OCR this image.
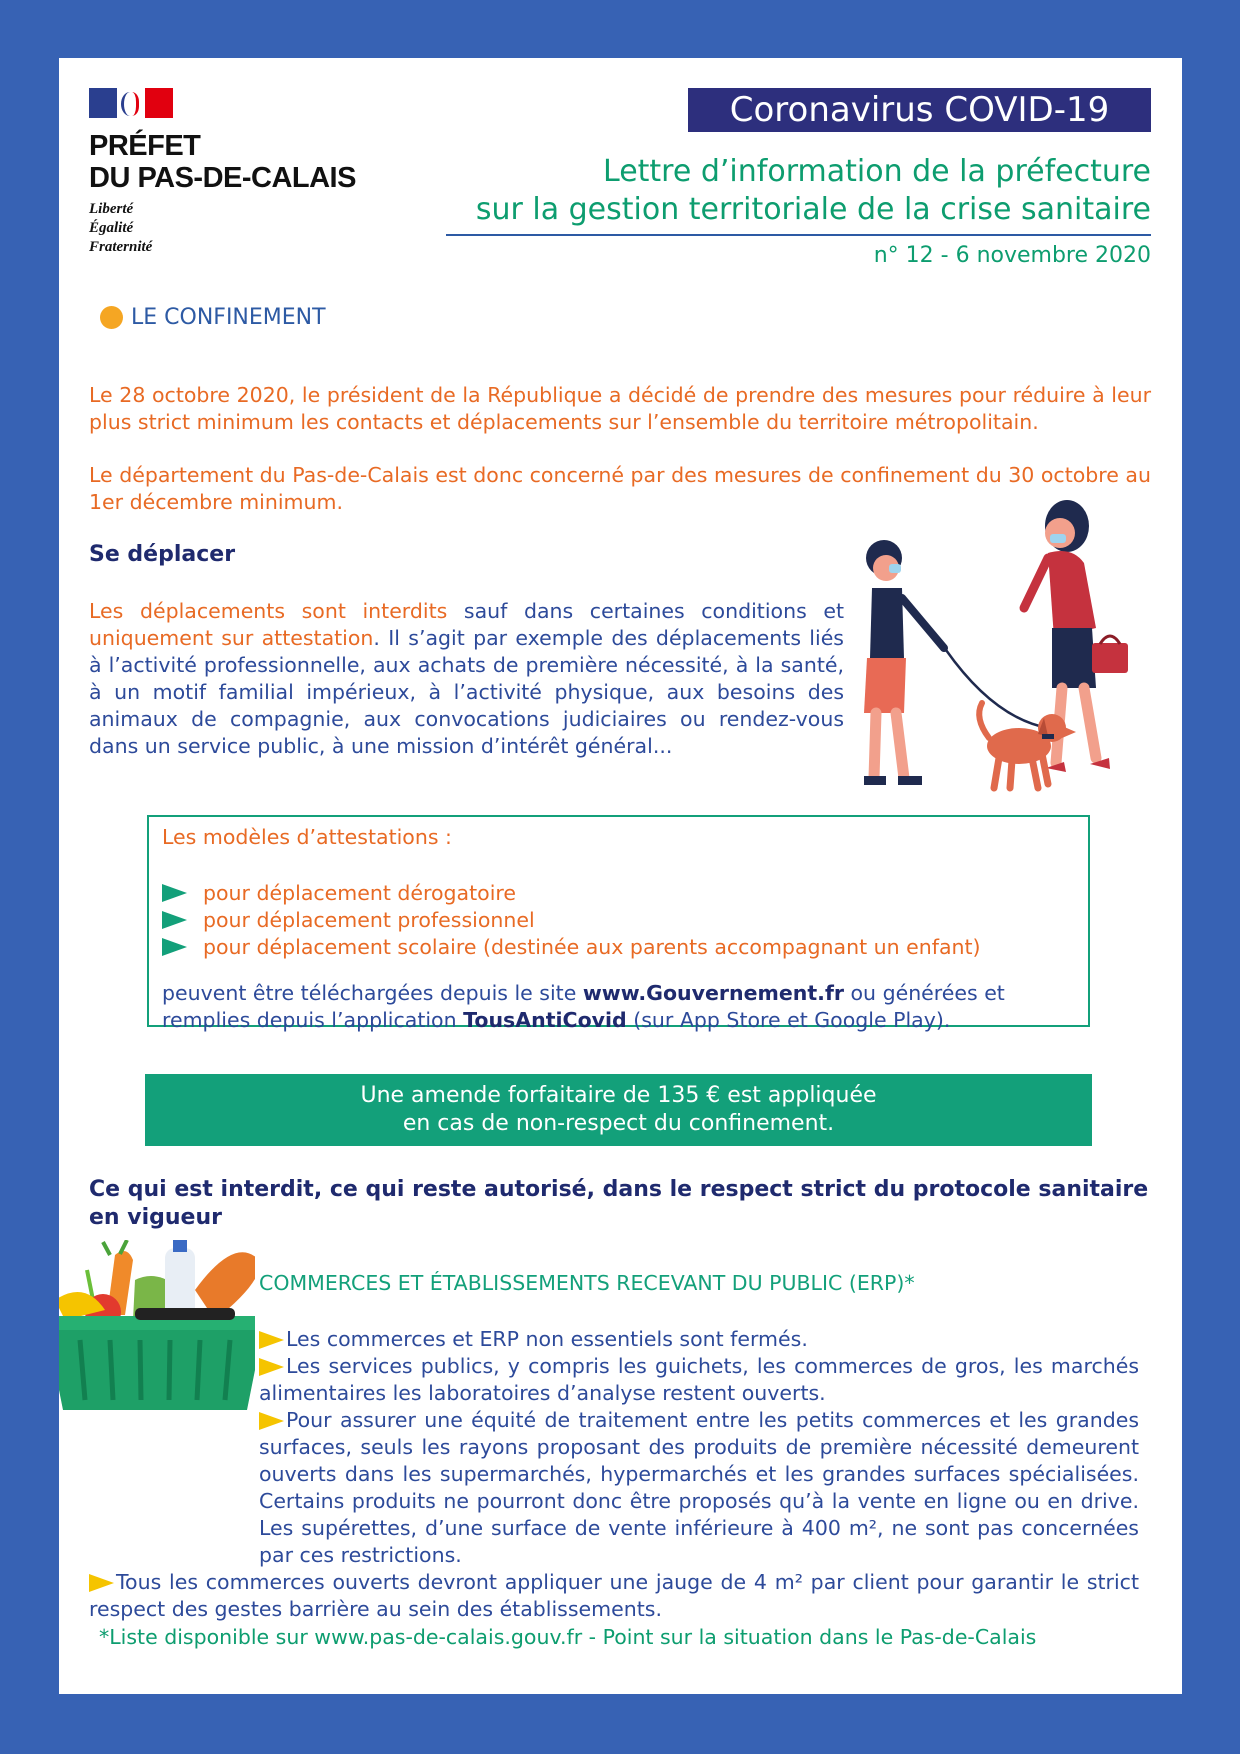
PRÉFET
DU PAS-DE-CALAIS
Liberté
Égalité
Fraternité
Coronavirus COVID-19
Lettre d’information de la préfecture
sur la gestion territoriale de la crise sanitaire
n° 12 - 6 novembre 2020
LE CONFINEMENT
Le 28 octobre 2020, le président de la République a décidé de prendre des mesures pour réduire à leur plus strict minimum les contacts et déplacements sur l’ensemble du territoire métropolitain.
Le département du Pas-de-Calais est donc concerné par des mesures de confinement du 30 octobre au 1er décembre minimum.
Se déplacer
Les déplacements sont interdits sauf dans certaines conditions et uniquement sur attestation. Il s’agit par exemple des déplacements liés à l’activité professionnelle, aux achats de première nécessité, à la santé, à un motif familial impérieux, à l’activité physique, aux besoins des animaux de compagnie, aux convocations judiciaires ou rendez-vous dans un service public, à une mission d’intérêt général...
Les modèles d’attestations :
pour déplacement dérogatoire
pour déplacement professionnel
pour déplacement scolaire (destinée aux parents accompagnant un enfant)
peuvent être téléchargées depuis le site www.Gouvernement.fr ou générées et remplies depuis l’application TousAntiCovid (sur App Store et Google Play).
Une amende forfaitaire de 135 € est appliquée
en cas de non-respect du confinement.
Ce qui est interdit, ce qui reste autorisé, dans le respect strict du protocole sanitaire en vigueur
COMMERCES ET ÉTABLISSEMENTS RECEVANT DU PUBLIC (ERP)*
Les commerces et ERP non essentiels sont fermés.
Les services publics, y compris les guichets, les commerces de gros, les marchés alimentaires les laboratoires d’analyse restent ouverts.
Pour assurer une équité de traitement entre les petits commerces et les grandes surfaces, seuls les rayons proposant des produits de première nécessité demeurent ouverts dans les supermarchés, hypermarchés et les grandes surfaces spécialisées. Certains produits ne pourront donc être proposés qu’à la vente en ligne ou en drive. Les supérettes, d’une surface de vente inférieure à 400 m², ne sont pas concernées par ces restrictions.
Tous les commerces ouverts devront appliquer une jauge de 4 m² par client pour garantir le strict respect des gestes barrière au sein des établissements.
*Liste disponible sur www.pas-de-calais.gouv.fr - Point sur la situation dans le Pas-de-Calais
